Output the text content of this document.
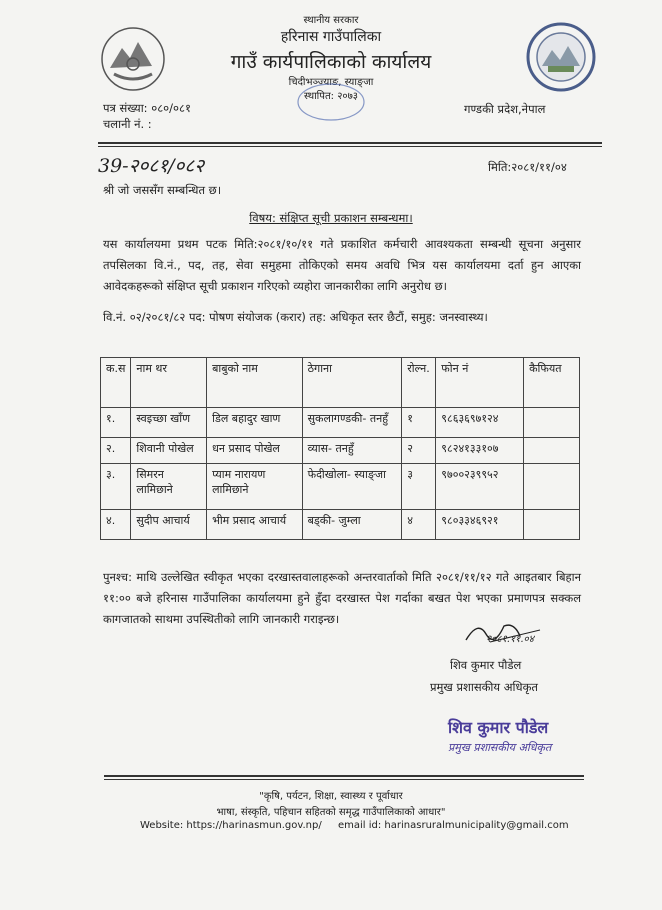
स्थानीय सरकार
हरिनास गाउँपालिका
गाउँ कार्यपालिकाको कार्यालय
चिदीभञ्ज्याङ, स्याङ्जा
स्थापित: २०७३
पत्र संख्या: ०८०/०८१
चलानी नं. :
गण्डकी प्रदेश,नेपाल
39-२०८१/०८२	मिति:२०८१/११/०४
श्री जो जससँग सम्बन्धित छ।
विषय: संक्षिप्त सूची प्रकाशन सम्बन्धमा।
यस कार्यालयमा प्रथम पटक मिति:२०८१/१०/११ गते प्रकाशित कर्मचारी आवश्यकता सम्बन्धी सूचना अनुसार तपसिलका वि.नं., पद, तह, सेवा समुहमा तोकिएको समय अवधि भित्र यस कार्यालयमा दर्ता हुन आएका आवेदकहरूको संक्षिप्त सूची प्रकाशन गरिएको व्यहोरा जानकारीका लागि अनुरोध छ।
वि.नं. ०२/२०८१/८२ पद: पोषण संयोजक (करार) तह: अधिकृत स्तर छैटौं, समुह: जनस्वास्थ्य।
क.स	नाम थर	बाबुको नाम	ठेगाना	रोल्न.	फोन नं	कैफियत
१.	स्वइच्छा खाँण	डिल बहादुर खाण	सुकलागण्डकी- तनहुँ	१	९८६३६९७१२४	
२.	शिवानी पोखेल	धन प्रसाद पोखेल	व्यास- तनहुँ	२	९८२४१३३१०७	
३.	सिमरन लामिछाने	प्याम नारायण लामिछाने	फेदीखोला- स्याङ्जा	३	९७००२३९९५२	
४.	सुदीप आचार्य	भीम प्रसाद आचार्य	बड्की- जुम्ला	४	९८०३३४६९२१	
पुनश्च: माथि उल्लेखित स्वीकृत भएका दरखास्तवालाहरूको अन्तरवार्ताको मिति २०८१/११/१२ गते आइतबार बिहान ११:०० बजे हरिनास गाउँपालिका कार्यालयमा हुने हुँदा दरखास्त पेश गर्दाका बखत पेश भएका प्रमाणपत्र सक्कल कागजातको साथमा उपस्थितीको लागि जानकारी गराइन्छ।
२०८१.११.०४
शिव कुमार पौडेल
प्रमुख प्रशासकीय अधिकृत
शिव कुमार पौडेल
प्रमुख प्रशासकीय अधिकृत
"कृषि, पर्यटन, शिक्षा, स्वास्थ्य र पूर्वाधार
भाषा, संस्कृति, पहिचान सहितको समृद्ध गाउँपालिकाको आधार"
Website: https://harinasmun.gov.np/ email id: harinasruralmunicipality@gmail.com
